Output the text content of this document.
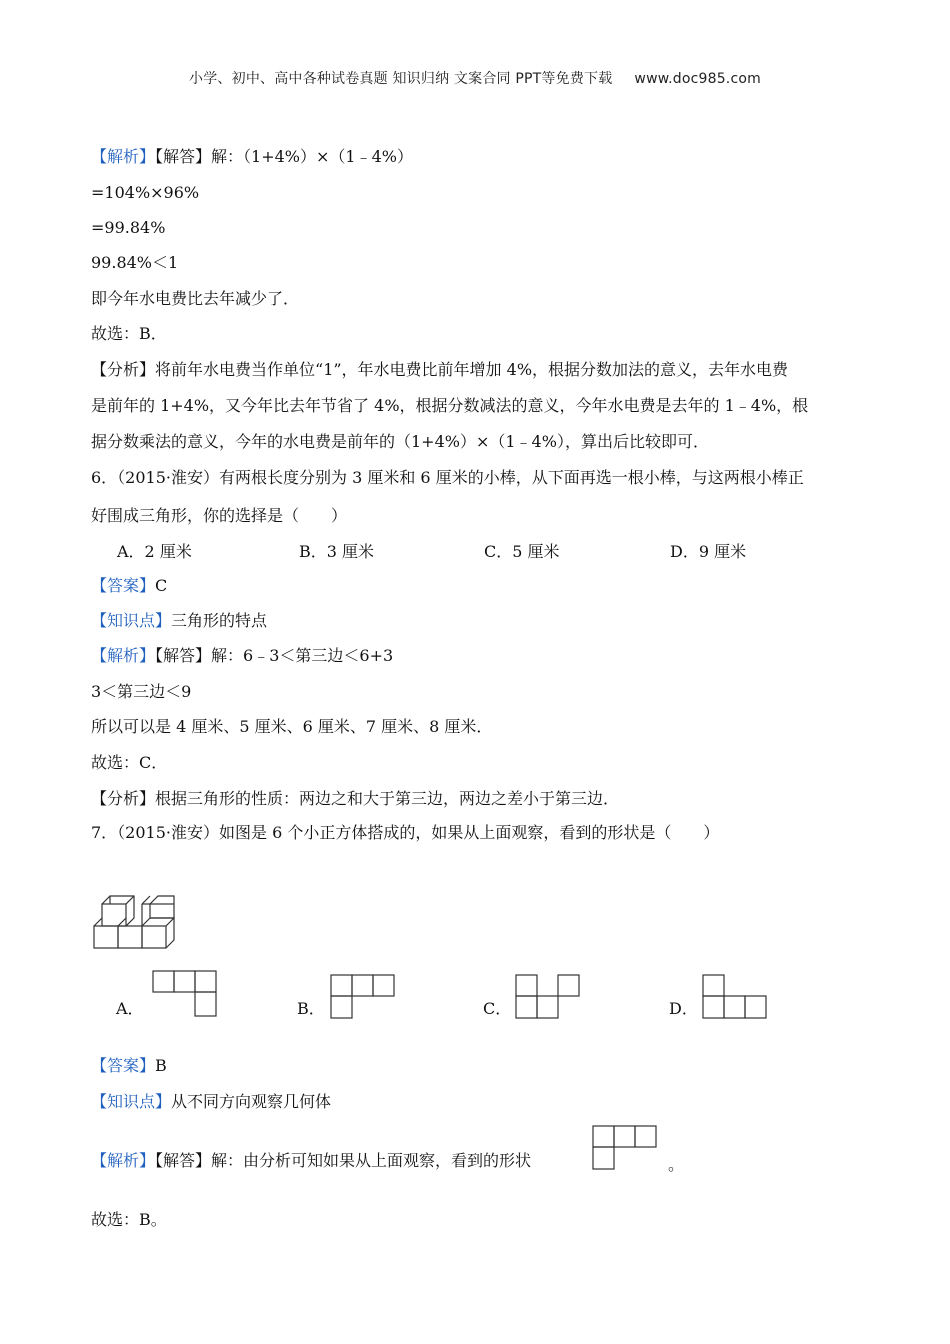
小学、初中、高中各种试卷真题 知识归纳 文案合同 PPT等免费下载 www.doc985.com
【解析】【解答】解：（1+4%）×（1﹣4%）
=104%×96%
=99.84%
99.84%＜1
即今年水电费比去年减少了．
故选：B．
【分析】将前年水电费当作单位“1”，年水电费比前年增加 4%，根据分数加法的意义，去年水电费
是前年的 1+4%，又今年比去年节省了 4%，根据分数减法的意义，今年水电费是去年的 1﹣4%，根
据分数乘法的意义，今年的水电费是前年的（1+4%）×（1﹣4%），算出后比较即可．
6．（2015·淮安）有两根长度分别为 3 厘米和 6 厘米的小棒，从下面再选一根小棒，与这两根小棒正
好围成三角形，你的选择是（　　）
A．2 厘米	B．3 厘米	C．5 厘米	D．9 厘米
【答案】C
【知识点】三角形的特点
【解析】【解答】解：6﹣3＜第三边＜6+3
3＜第三边＜9
所以可以是 4 厘米、5 厘米、6 厘米、7 厘米、8 厘米．
故选：C．
【分析】根据三角形的性质：两边之和大于第三边，两边之差小于第三边．
7．（2015·淮安）如图是 6 个小正方体搭成的，如果从上面观察，看到的形状是（　　）
A．	B．	C．	D．
【答案】B
【知识点】从不同方向观察几何体
【解析】【解答】解：由分析可知如果从上面观察，看到的形状	。
故选：B。
